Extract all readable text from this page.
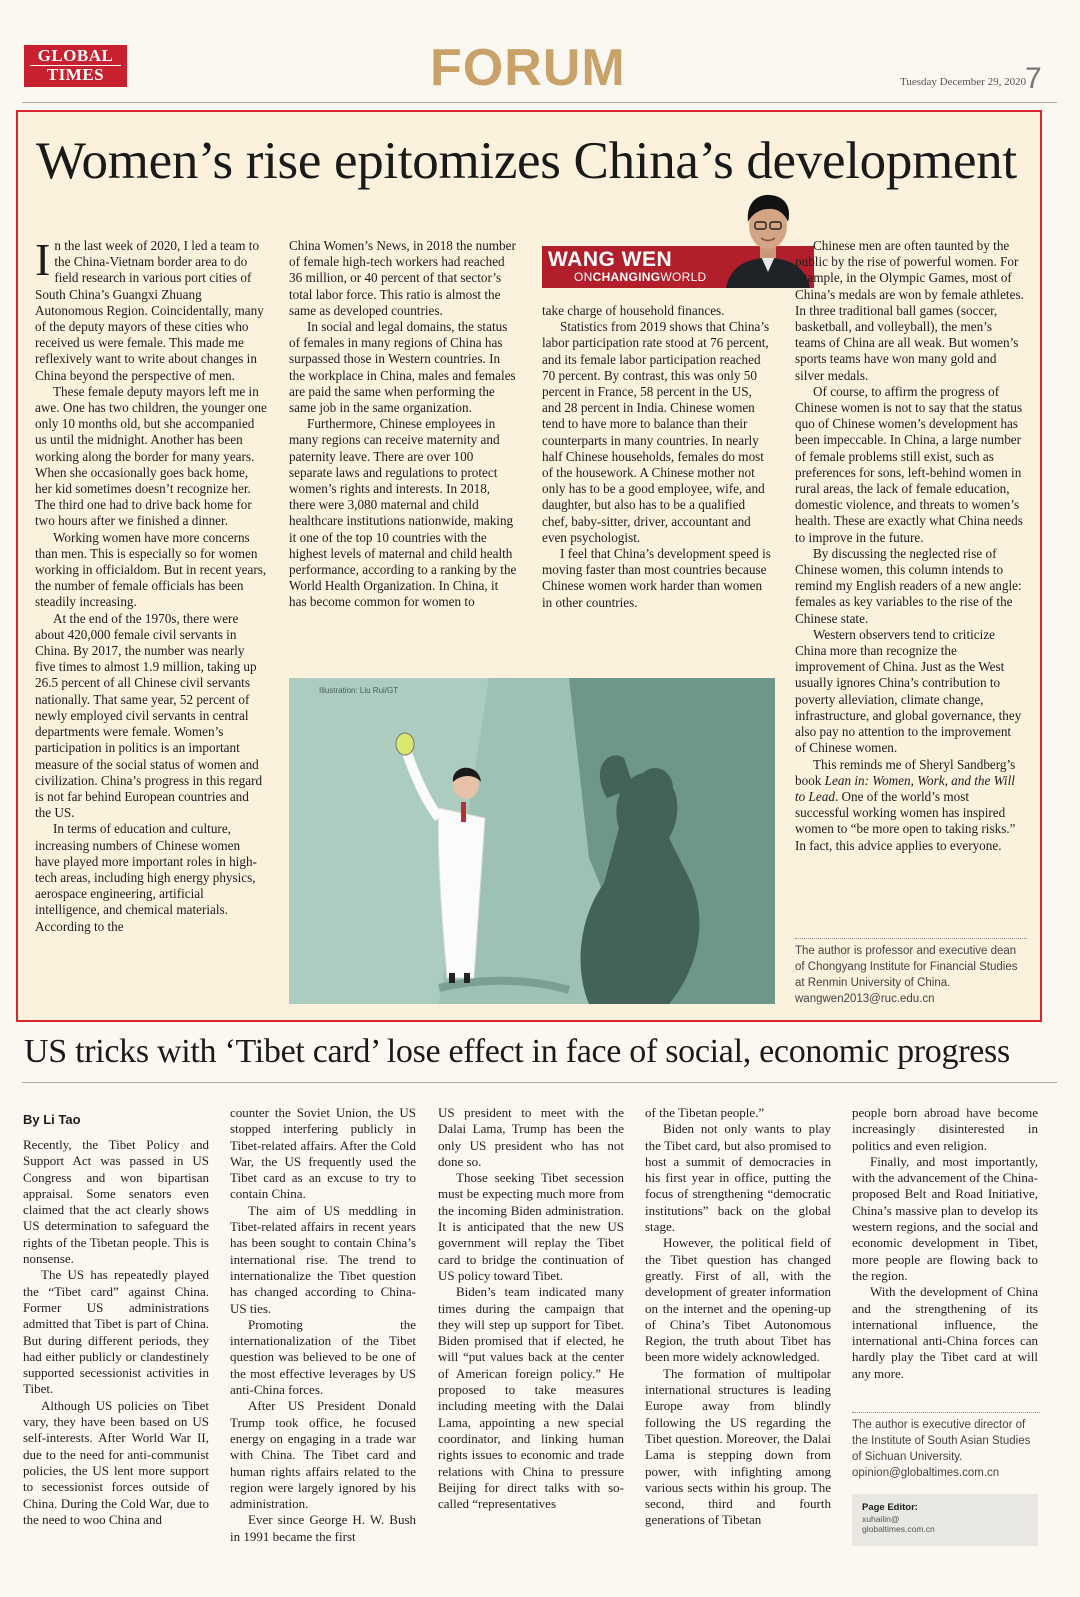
GLOBAL
TIMES	FORUM	Tuesday December 29, 2020
7
Women’s rise epitomizes China’s development
WANG WEN
ONCHANGINGWORLD

In the last week of 2020, I led a team to the China-Vietnam border area to do field research in various port cities of South China’s Guangxi Zhuang Autonomous Region. Coincidentally, many of the deputy mayors of these cities who received us were female. This made me reflexively want to write about changes in China beyond the perspective of men.

These female deputy mayors left me in awe. One has two children, the younger one only 10 months old, but she accompanied us until the midnight. Another has been working along the border for many years. When she occasionally goes back home, her kid sometimes doesn’t recognize her. The third one had to drive back home for two hours after we finished a dinner.

Working women have more concerns than men. This is especially so for women working in officialdom. But in recent years, the number of female officials has been steadily increasing.

At the end of the 1970s, there were about 420,000 female civil servants in China. By 2017, the number was nearly five times to almost 1.9 million, taking up 26.5 percent of all Chinese civil servants nationally. That same year, 52 percent of newly employed civil servants in central departments were female. Women’s participation in politics is an important measure of the social status of women and civilization. China’s progress in this regard is not far behind European countries and the US.

In terms of education and culture, increasing numbers of Chinese women have played more important roles in high-tech areas, including high energy physics, aerospace engineering, artificial intelligence, and chemical materials. According to the

China Women’s News, in 2018 the number of female high-tech workers had reached 36 million, or 40 percent of that sector’s total labor force. This ratio is almost the same as developed countries.

In social and legal domains, the status of females in many regions of China has surpassed those in Western countries. In the workplace in China, males and females are paid the same when performing the same job in the same organization.

Furthermore, Chinese employees in many regions can receive maternity and paternity leave. There are over 100 separate laws and regulations to protect women’s rights and interests. In 2018, there were 3,080 maternal and child healthcare institutions nationwide, making it one of the top 10 countries with the highest levels of maternal and child health performance, according to a ranking by the World Health Organization. In China, it has become common for women to

take charge of household finances.

Statistics from 2019 shows that China’s labor participation rate stood at 76 percent, and its female labor participation reached 70 percent. By contrast, this was only 50 percent in France, 58 percent in the US, and 28 percent in India. Chinese women tend to have more to balance than their counterparts in many countries. In nearly half Chinese households, females do most of the housework. A Chinese mother not only has to be a good employee, wife, and daughter, but also has to be a qualified chef, baby-sitter, driver, accountant and even psychologist.

I feel that China’s development speed is moving faster than most countries because Chinese women work harder than women in other countries.

Chinese men are often taunted by the public by the rise of powerful women. For example, in the Olympic Games, most of China’s medals are won by female athletes. In three traditional ball games (soccer, basketball, and volleyball), the men’s teams of China are all weak. But women’s sports teams have won many gold and silver medals.

Of course, to affirm the progress of Chinese women is not to say that the status quo of Chinese women’s development has been impeccable. In China, a large number of female problems still exist, such as preferences for sons, left-behind women in rural areas, the lack of female education, domestic violence, and threats to women’s health. These are exactly what China needs to improve in the future.

By discussing the neglected rise of Chinese women, this column intends to remind my English readers of a new angle: females as key variables to the rise of the Chinese state.

Western observers tend to criticize China more than recognize the improvement of China. Just as the West usually ignores China’s contribution to poverty alleviation, climate change, infrastructure, and global governance, they also pay no attention to the improvement of Chinese women.

This reminds me of Sheryl Sandberg’s book Lean in: Women, Work, and the Will to Lead. One of the world’s most successful working women has inspired women to “be more open to taking risks.” In fact, this advice applies to everyone.

Illustration: Liu Rui/GT
The author is professor and executive dean of Chongyang Institute for Financial Studies at Renmin University of China. wangwen2013@ruc.edu.cn
US tricks with ‘Tibet card’ lose effect in face of social, economic progress
By Li Tao

Recently, the Tibet Policy and Support Act was passed in US Congress and won bipartisan appraisal. Some senators even claimed that the act clearly shows US determination to safeguard the rights of the Tibetan people. This is nonsense.

The US has repeatedly played the “Tibet card” against China. Former US administrations admitted that Tibet is part of China. But during different periods, they had either publicly or clandestinely supported secessionist activities in Tibet.

Although US policies on Tibet vary, they have been based on US self-interests. After World War II, due to the need for anti-communist policies, the US lent more support to secessionist forces outside of China. During the Cold War, due to the need to woo China and

counter the Soviet Union, the US stopped interfering publicly in Tibet-related affairs. After the Cold War, the US frequently used the Tibet card as an excuse to try to contain China.

The aim of US meddling in Tibet-related affairs in recent years has been sought to contain China’s international rise. The trend to internationalize the Tibet question has changed according to China-US ties.

Promoting the internationalization of the Tibet question was believed to be one of the most effective leverages by US anti-China forces.

After US President Donald Trump took office, he focused energy on engaging in a trade war with China. The Tibet card and human rights affairs related to the region were largely ignored by his administration.

Ever since George H. W. Bush in 1991 became the first

US president to meet with the Dalai Lama, Trump has been the only US president who has not done so.

Those seeking Tibet secession must be expecting much more from the incoming Biden administration. It is anticipated that the new US government will replay the Tibet card to bridge the continuation of US policy toward Tibet.

Biden’s team indicated many times during the campaign that they will step up support for Tibet. Biden promised that if elected, he will “put values back at the center of American foreign policy.” He proposed to take measures including meeting with the Dalai Lama, appointing a new special coordinator, and linking human rights issues to economic and trade relations with China to pressure Beijing for direct talks with so-called “representatives

of the Tibetan people.”

Biden not only wants to play the Tibet card, but also promised to host a summit of democracies in his first year in office, putting the focus of strengthening “democratic institutions” back on the global stage.

However, the political field of the Tibet question has changed greatly. First of all, with the development of greater information on the internet and the opening-up of China’s Tibet Autonomous Region, the truth about Tibet has been more widely acknowledged.

The formation of multipolar international structures is leading Europe away from blindly following the US regarding the Tibet question. Moreover, the Dalai Lama is stepping down from power, with infighting among various sects within his group. The second, third and fourth generations of Tibetan

people born abroad have become increasingly disinterested in politics and even religion.

Finally, and most importantly, with the advancement of the China-proposed Belt and Road Initiative, China’s massive plan to develop its western regions, and the social and economic development in Tibet, more people are flowing back to the region.

With the development of China and the strengthening of its international influence, the international anti-China forces can hardly play the Tibet card at will any more.

The author is executive director of the Institute of South Asian Studies of Sichuan University. opinion@globaltimes.com.cn
Page Editor:
xuhailin@
globaltimes.com.cn
